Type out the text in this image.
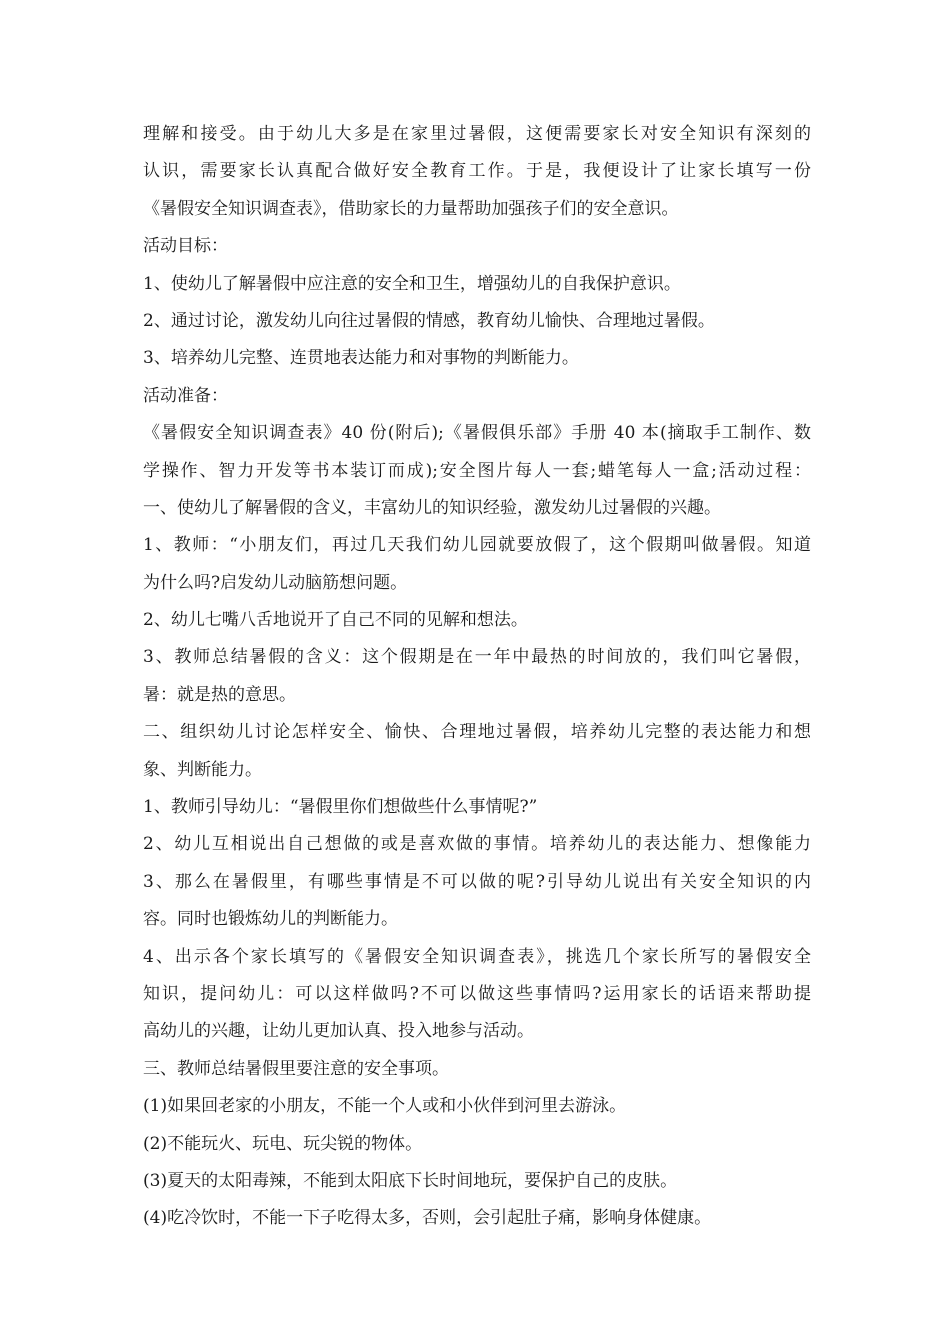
理解和接受。由于幼儿大多是在家里过暑假，这便需要家长对安全知识有深刻的
认识，需要家长认真配合做好安全教育工作。于是，我便设计了让家长填写一份
《暑假安全知识调查表》，借助家长的力量帮助加强孩子们的安全意识。
活动目标：
1、使幼儿了解暑假中应注意的安全和卫生，增强幼儿的自我保护意识。
2、通过讨论，激发幼儿向往过暑假的情感，教育幼儿愉快、合理地过暑假。
3、培养幼儿完整、连贯地表达能力和对事物的判断能力。
活动准备：
《暑假安全知识调查表》40 份(附后);《暑假俱乐部》手册 40 本(摘取手工制作、数
学操作、智力开发等书本装订而成);安全图片每人一套;蜡笔每人一盒;活动过程：
一、使幼儿了解暑假的含义，丰富幼儿的知识经验，激发幼儿过暑假的兴趣。
1、教师：“小朋友们，再过几天我们幼儿园就要放假了，这个假期叫做暑假。知道
为什么吗?启发幼儿动脑筋想问题。
2、幼儿七嘴八舌地说开了自己不同的见解和想法。
3、教师总结暑假的含义：这个假期是在一年中最热的时间放的，我们叫它暑假，
暑：就是热的意思。
二、组织幼儿讨论怎样安全、愉快、合理地过暑假，培养幼儿完整的表达能力和想
象、判断能力。
1、教师引导幼儿：“暑假里你们想做些什么事情呢?”
2、幼儿互相说出自己想做的或是喜欢做的事情。培养幼儿的表达能力、想像能力
3、那么在暑假里，有哪些事情是不可以做的呢?引导幼儿说出有关安全知识的内
容。同时也锻炼幼儿的判断能力。
4、出示各个家长填写的《暑假安全知识调查表》，挑选几个家长所写的暑假安全
知识，提问幼儿：可以这样做吗?不可以做这些事情吗?运用家长的话语来帮助提
高幼儿的兴趣，让幼儿更加认真、投入地参与活动。
三、教师总结暑假里要注意的安全事项。
(1)如果回老家的小朋友，不能一个人或和小伙伴到河里去游泳。
(2)不能玩火、玩电、玩尖锐的物体。
(3)夏天的太阳毒辣，不能到太阳底下长时间地玩，要保护自己的皮肤。
(4)吃冷饮时，不能一下子吃得太多，否则，会引起肚子痛，影响身体健康。
